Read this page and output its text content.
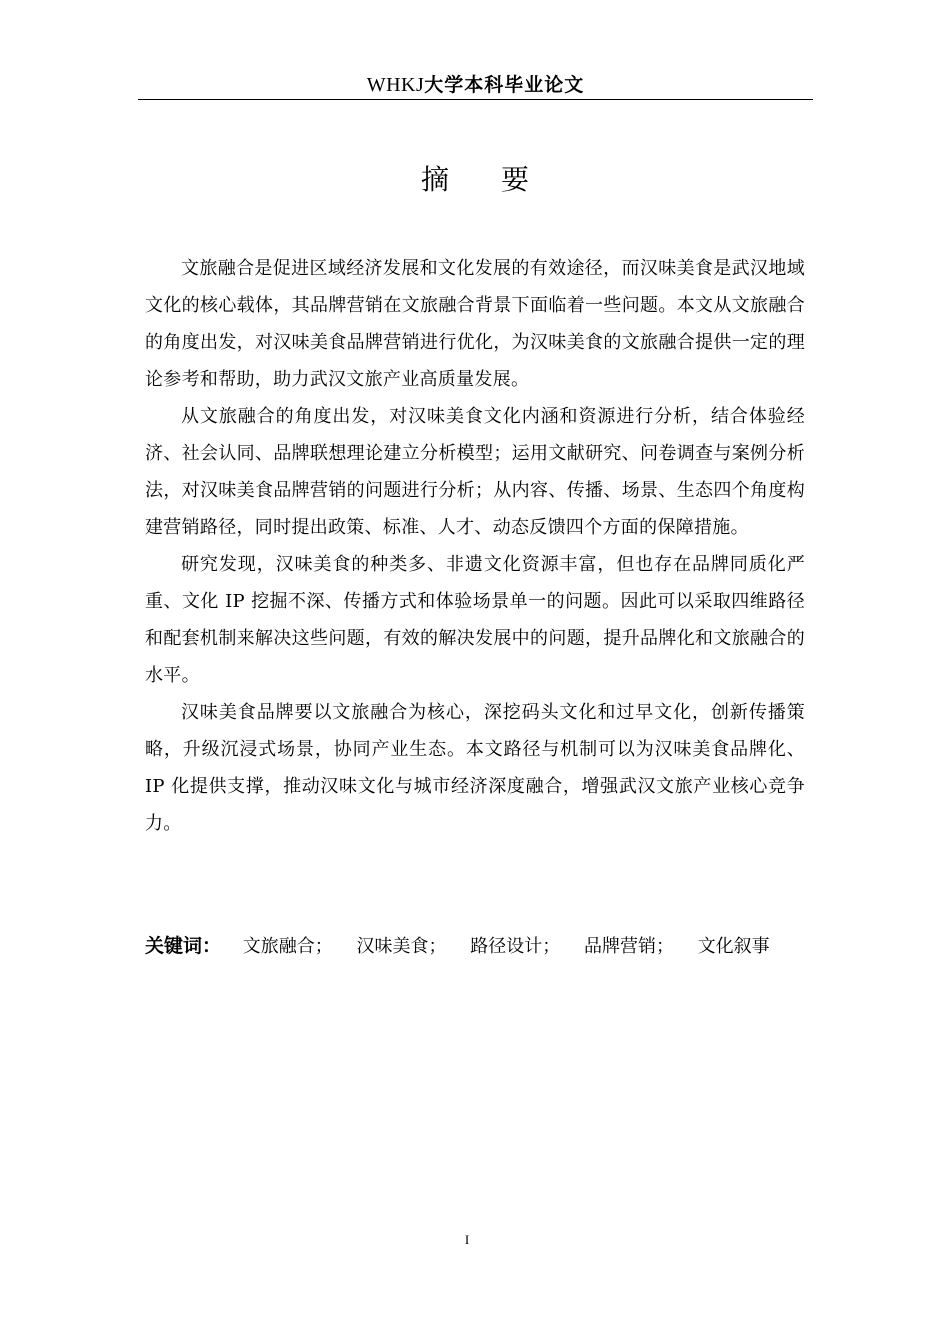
WHKJ大学本科毕业论文
摘要

文旅融合是促进区域经济发展和文化发展的有效途径，而汉味美食是武汉地域文化的核心载体，其品牌营销在文旅融合背景下面临着一些问题。本文从文旅融合的角度出发，对汉味美食品牌营销进行优化，为汉味美食的文旅融合提供一定的理论参考和帮助，助力武汉文旅产业高质量发展。

从文旅融合的角度出发，对汉味美食文化内涵和资源进行分析，结合体验经济、社会认同、品牌联想理论建立分析模型；运用文献研究、问卷调查与案例分析法，对汉味美食品牌营销的问题进行分析；从内容、传播、场景、生态四个角度构建营销路径，同时提出政策、标准、人才、动态反馈四个方面的保障措施。

研究发现，汉味美食的种类多、非遗文化资源丰富，但也存在品牌同质化严重、文化 IP 挖掘不深、传播方式和体验场景单一的问题。因此可以采取四维路径和配套机制来解决这些问题，有效的解决发展中的问题，提升品牌化和文旅融合的水平。

汉味美食品牌要以文旅融合为核心，深挖码头文化和过早文化，创新传播策略，升级沉浸式场景，协同产业生态。本文路径与机制可以为汉味美食品牌化、IP 化提供支撑，推动汉味文化与城市经济深度融合，增强武汉文旅产业核心竞争力。

关键词： 文旅融合； 汉味美食； 路径设计； 品牌营销； 文化叙事
I
